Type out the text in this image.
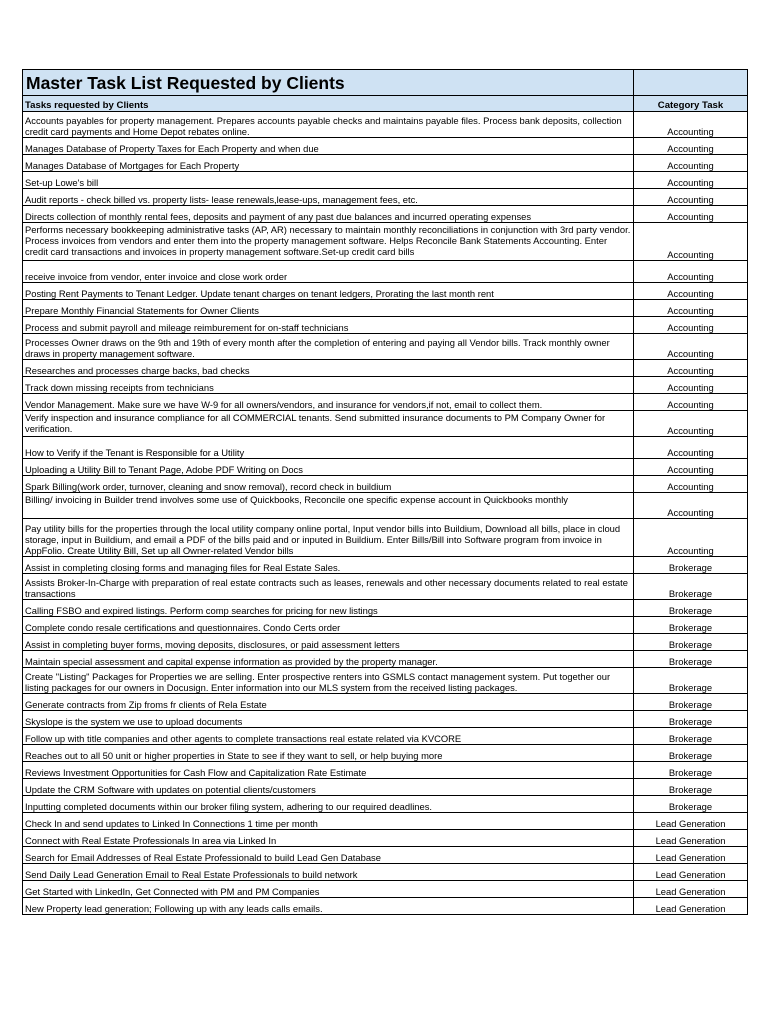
Master Task List Requested by Clients	
Tasks requested by Clients	Category Task
Accounts payables for property management. Prepares accounts payable checks and maintains payable files. Process bank deposits, collection credit card payments and Home Depot rebates online.	Accounting
Manages Database of Property Taxes for Each Property and when due	Accounting
Manages Database of Mortgages for Each Property	Accounting
Set-up Lowe's bill	Accounting
Audit reports - check billed vs. property lists- lease renewals,lease-ups, management fees, etc.	Accounting
Directs collection of monthly rental fees, deposits and payment of any past due balances and incurred operating expenses	Accounting
Performs necessary bookkeeping administrative tasks (AP, AR) necessary to maintain monthly reconciliations in conjunction with 3rd party vendor. Process invoices from vendors and enter them into the property management software. Helps Reconcile Bank Statements Accounting. Enter credit card transactions and invoices in property management software.Set-up credit card bills	Accounting
receive invoice from vendor, enter invoice and close work order	Accounting
Posting Rent Payments to Tenant Ledger. Update tenant charges on tenant ledgers, Prorating the last month rent	Accounting
Prepare Monthly Financial Statements for Owner Clients	Accounting
Process and submit payroll and mileage reimburement for on-staff technicians	Accounting
Processes Owner draws on the 9th and 19th of every month after the completion of entering and paying all Vendor bills. Track monthly owner draws in property management software.	Accounting
Researches and processes charge backs, bad checks	Accounting
Track down missing receipts from technicians	Accounting
Vendor Management. Make sure we have W-9 for all owners/vendors, and insurance for vendors,if not, email to collect them.	Accounting
Verify inspection and insurance compliance for all COMMERCIAL tenants. Send submitted insurance documents to PM Company Owner for verification.	Accounting
How to Verify if the Tenant is Responsible for a Utility	Accounting
Uploading a Utility Bill to Tenant Page, Adobe PDF Writing on Docs	Accounting
Spark Billing(work order, turnover, cleaning and snow removal), record check in buildium	Accounting
Billing/ invoicing in Builder trend involves some use of Quickbooks, Reconcile one specific expense account in Quickbooks monthly	Accounting
Pay utility bills for the properties through the local utility company online portal, Input vendor bills into Buildium, Download all bills, place in cloud storage, input in Buildium, and email a PDF of the bills paid and or inputed in Buildium. Enter Bills/Bill into Software program from invoice in AppFolio. Create Utility Bill, Set up all Owner-related Vendor bills	Accounting
Assist in completing closing forms and managing files for Real Estate Sales.	Brokerage
Assists Broker-In-Charge with preparation of real estate contracts such as leases, renewals and other necessary documents related to real estate transactions	Brokerage
Calling FSBO and expired listings. Perform comp searches for pricing for new listings	Brokerage
Complete condo resale certifications and questionnaires. Condo Certs order	Brokerage
Assist in completing buyer forms, moving deposits, disclosures, or paid assessment letters	Brokerage
Maintain special assessment and capital expense information as provided by the property manager.	Brokerage
Create "Listing" Packages for Properties we are selling. Enter prospective renters into GSMLS contact management system. Put together our listing packages for our owners in Docusign. Enter information into our MLS system from the received listing packages.	Brokerage
Generate contracts from Zip froms fr clients of Rela Estate	Brokerage
Skyslope is the system we use to upload documents	Brokerage
Follow up with title companies and other agents to complete transactions real estate related via KVCORE	Brokerage
Reaches out to all 50 unit or higher properties in State to see if they want to sell, or help buying more	Brokerage
Reviews Investment Opportunities for Cash Flow and Capitalization Rate Estimate	Brokerage
Update the CRM Software with updates on potential clients/customers	Brokerage
Inputting completed documents within our broker filing system, adhering to our required deadlines.	Brokerage
Check In and send updates to Linked In Connections 1 time per month	Lead Generation
Connect with Real Estate Professionals In area via Linked In	Lead Generation
Search for Email Addresses of Real Estate Professionald to build Lead Gen Database	Lead Generation
Send Daily Lead Generation Email to Real Estate Professionals to build network	Lead Generation
Get Started with LinkedIn, Get Connected with PM and PM Companies	Lead Generation
New Property lead generation; Following up with any leads calls emails.	Lead Generation
